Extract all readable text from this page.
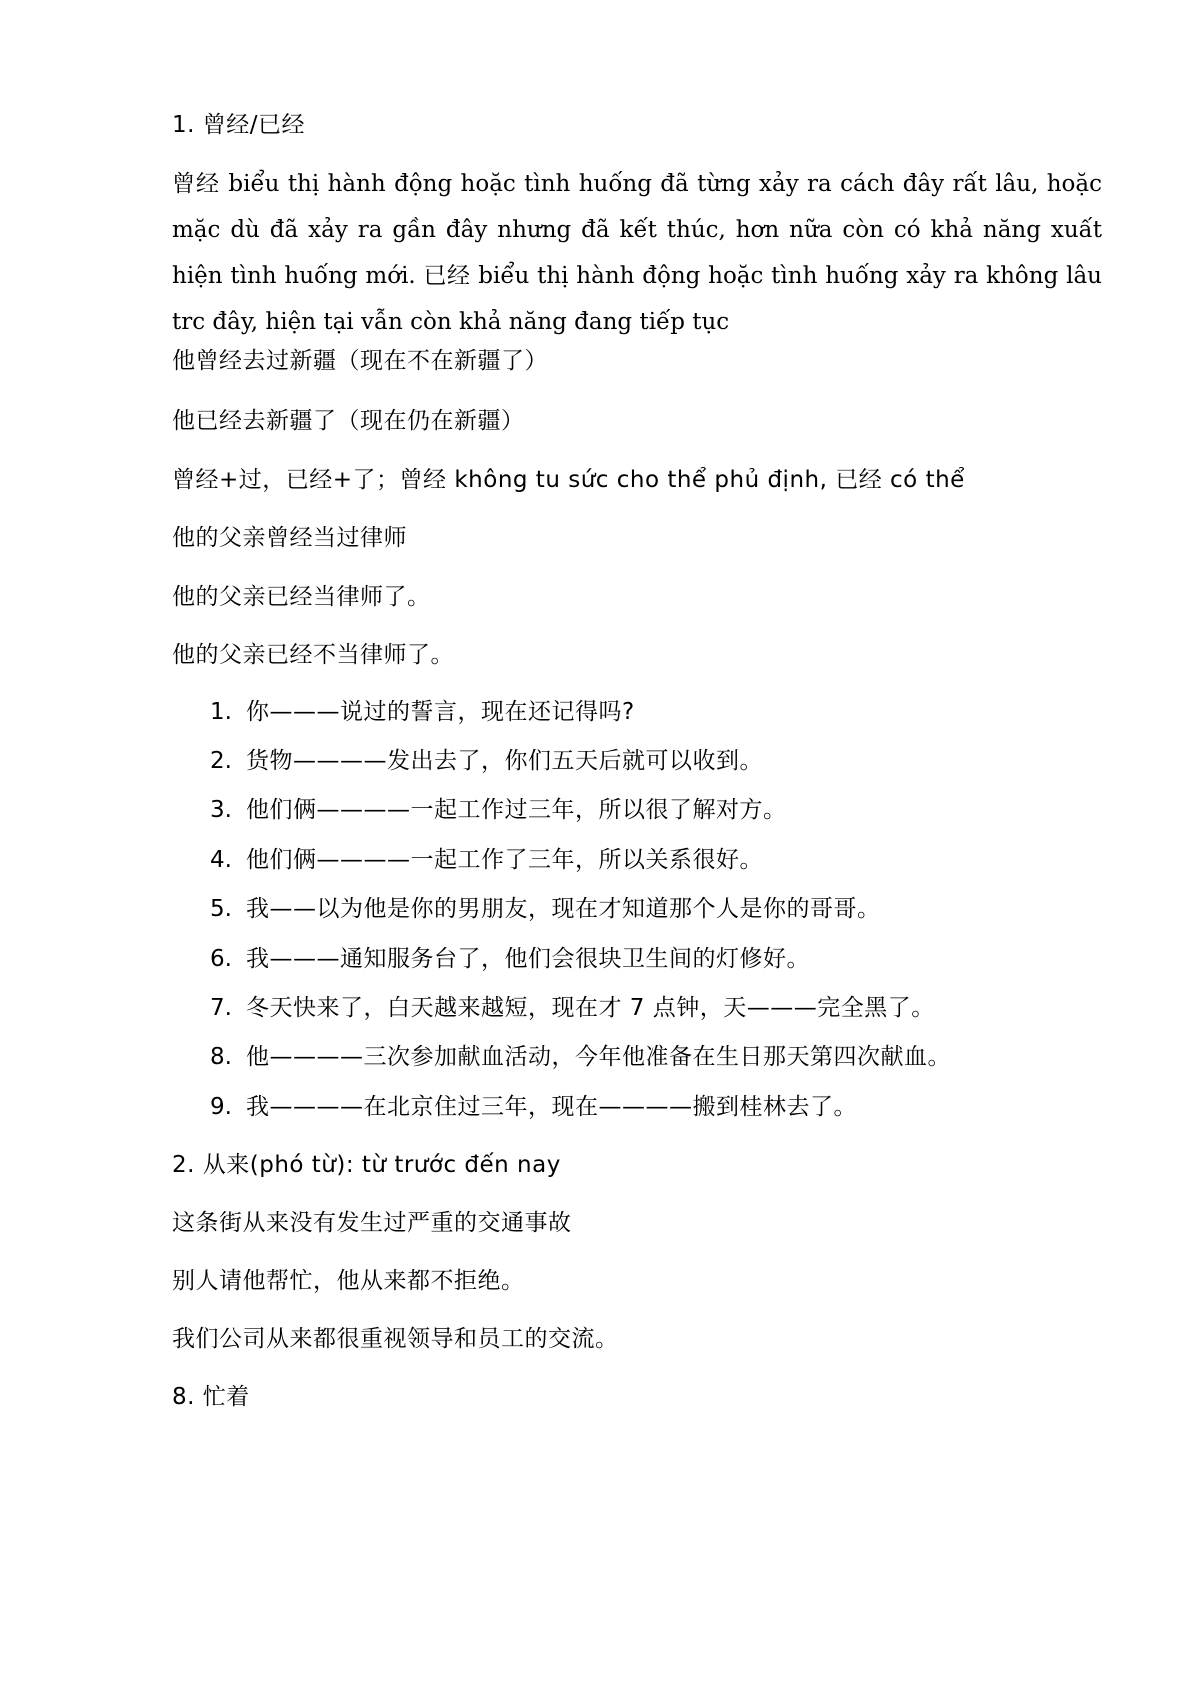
1. 曾经/已经
曾经 biểu thị hành động hoặc tình huống đã từng xảy ra cách đây rất lâu, hoặc mặc dù đã xảy ra gần đây nhưng đã kết thúc, hơn nữa còn có khả năng xuất hiện tình huống mới. 已经 biểu thị hành động hoặc tình huống xảy ra không lâu trc đây, hiện tại vẫn còn khả năng đang tiếp tục
他曾经去过新疆（现在不在新疆了）
他已经去新疆了（现在仍在新疆）
曾经+过，已经+了；曾经 không tu sức cho thể phủ định, 已经 có thể
他的父亲曾经当过律师
他的父亲已经当律师了。
他的父亲已经不当律师了。
1. 你———说过的誓言，现在还记得吗?
2. 货物————发出去了，你们五天后就可以收到。
3. 他们俩————一起工作过三年，所以很了解对方。
4. 他们俩————一起工作了三年，所以关系很好。
5. 我——以为他是你的男朋友，现在才知道那个人是你的哥哥。
6. 我———通知服务台了，他们会很块卫生间的灯修好。
7. 冬天快来了，白天越来越短，现在才 7 点钟，天———完全黑了。
8. 他————三次参加献血活动，今年他准备在生日那天第四次献血。
9. 我————在北京住过三年，现在————搬到桂林去了。
2. 从来(phó từ): từ trước đến nay
这条街从来没有发生过严重的交通事故
别人请他帮忙，他从来都不拒绝。
我们公司从来都很重视领导和员工的交流。
8. 忙着
